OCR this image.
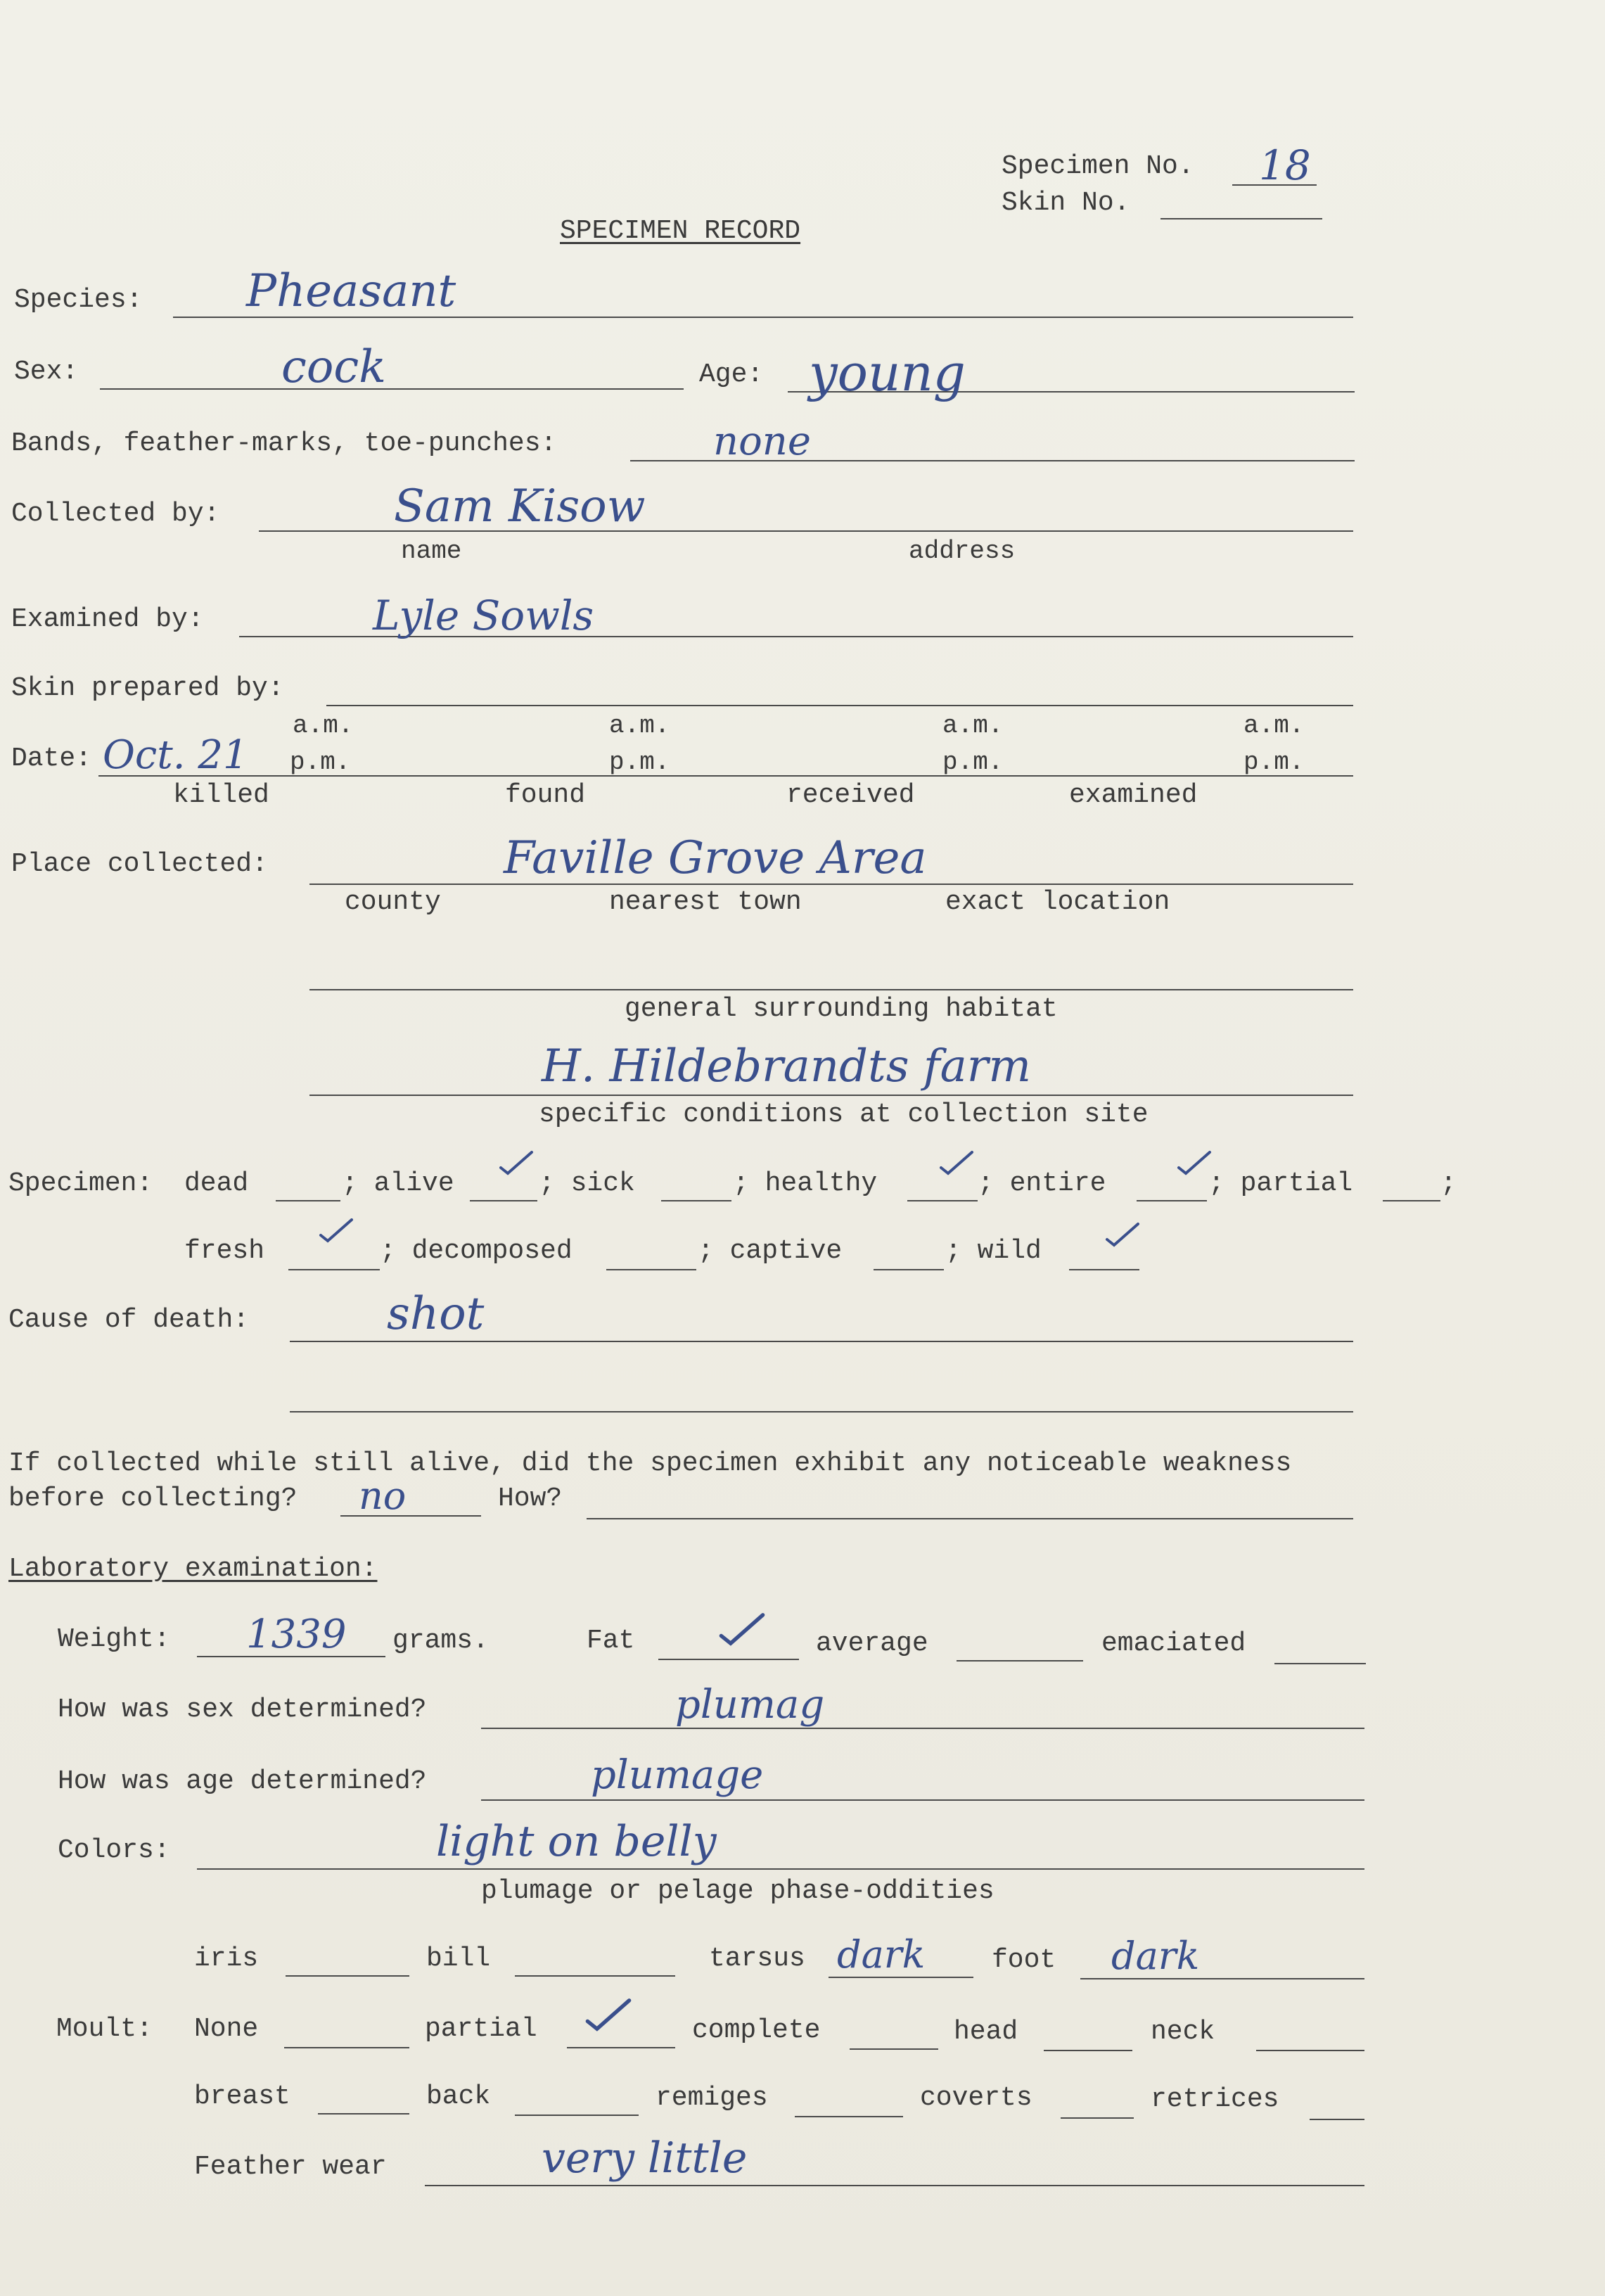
Specimen No. 18
Skin No.
SPECIMEN RECORD
Species: Pheasant
Sex:	cock	Age: young
Bands, feather-marks, toe-punches:	none
Collected by:	Sam Kisow
name	address
Examined by:	Lyle Sowls
Skin prepared by:
a.m.	a.m.	a.m.	a.m.
Date: Oct. 21 p.m.	p.m.	p.m.	p.m.
killed	found	received	examined
Place collected:	Faville Grove Area
county	nearest town	exact location
general surrounding habitat
H. Hildebrandts farm
specific conditions at collection site
Specimen: dead	; alive	; sick	; healthy	; entire	; partial	;
fresh	; decomposed	; captive	; wild
Cause of death:	shot
If collected while still alive, did the specimen exhibit any noticeable weakness
before collecting? no	How?
Laboratory examination:
Weight: 1339 grams.	Fat	average	emaciated
How was sex determined?	plumag
How was age determined?	plumage
Colors:	light on belly
plumage or pelage phase-oddities
iris	bill	tarsus dark foot dark
Moult: None	partial	complete	head	neck
breast	back	remiges	coverts	retrices
Feather wear	very little
